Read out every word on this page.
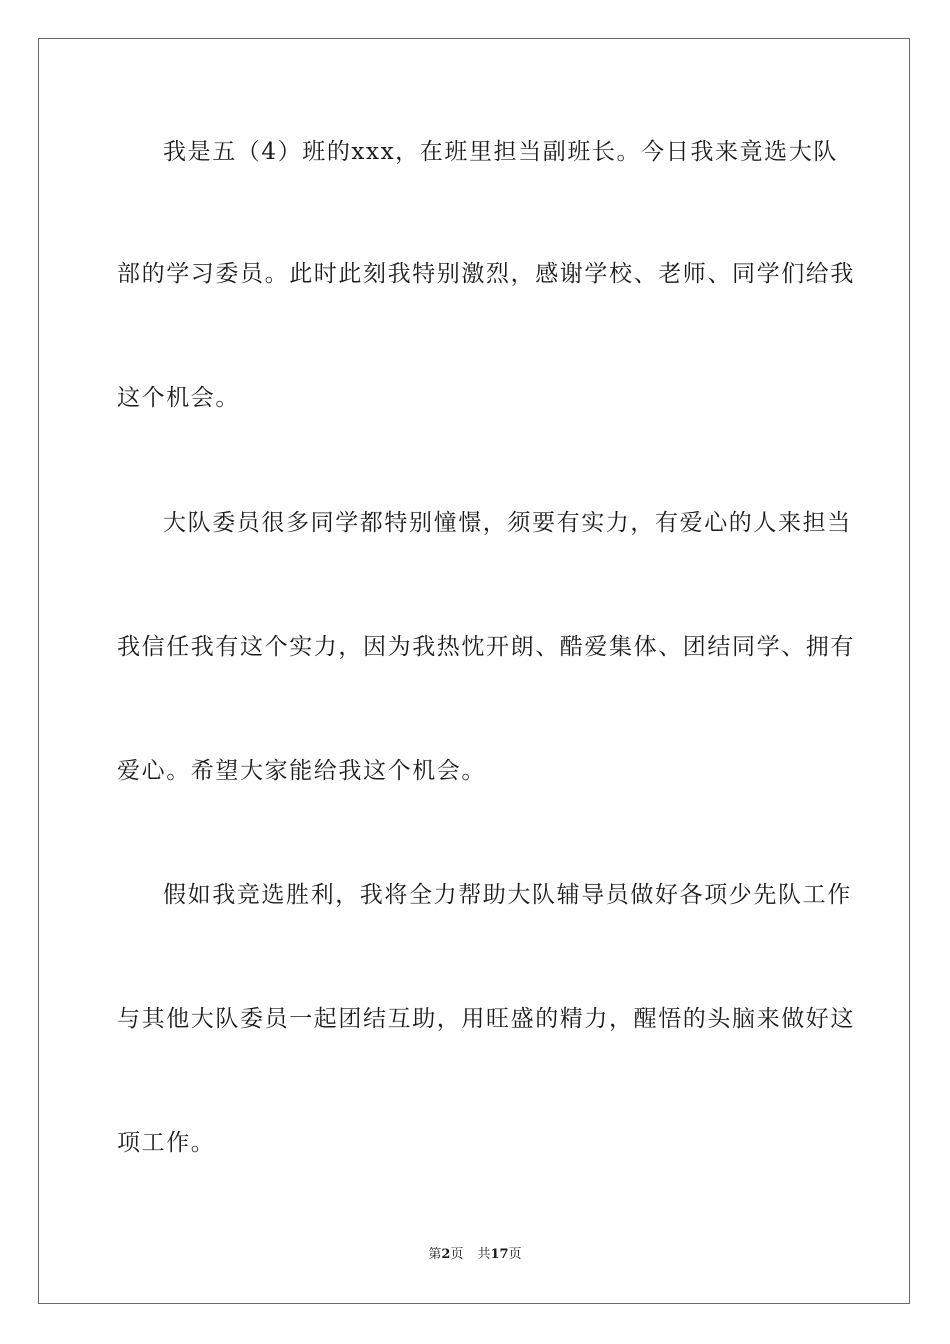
我是五（4）班的xxx，在班里担当副班长。今日我来竟选大队
部的学习委员。此时此刻我特别激烈，感谢学校、老师、同学们给我
这个机会。
大队委员很多同学都特别憧憬，须要有实力，有爱心的人来担当
我信任我有这个实力，因为我热忱开朗、酷爱集体、团结同学、拥有
爱心。希望大家能给我这个机会。
假如我竞选胜利，我将全力帮助大队辅导员做好各项少先队工作
与其他大队委员一起团结互助，用旺盛的精力，醒悟的头脑来做好这
项工作。
第2页 共17页
